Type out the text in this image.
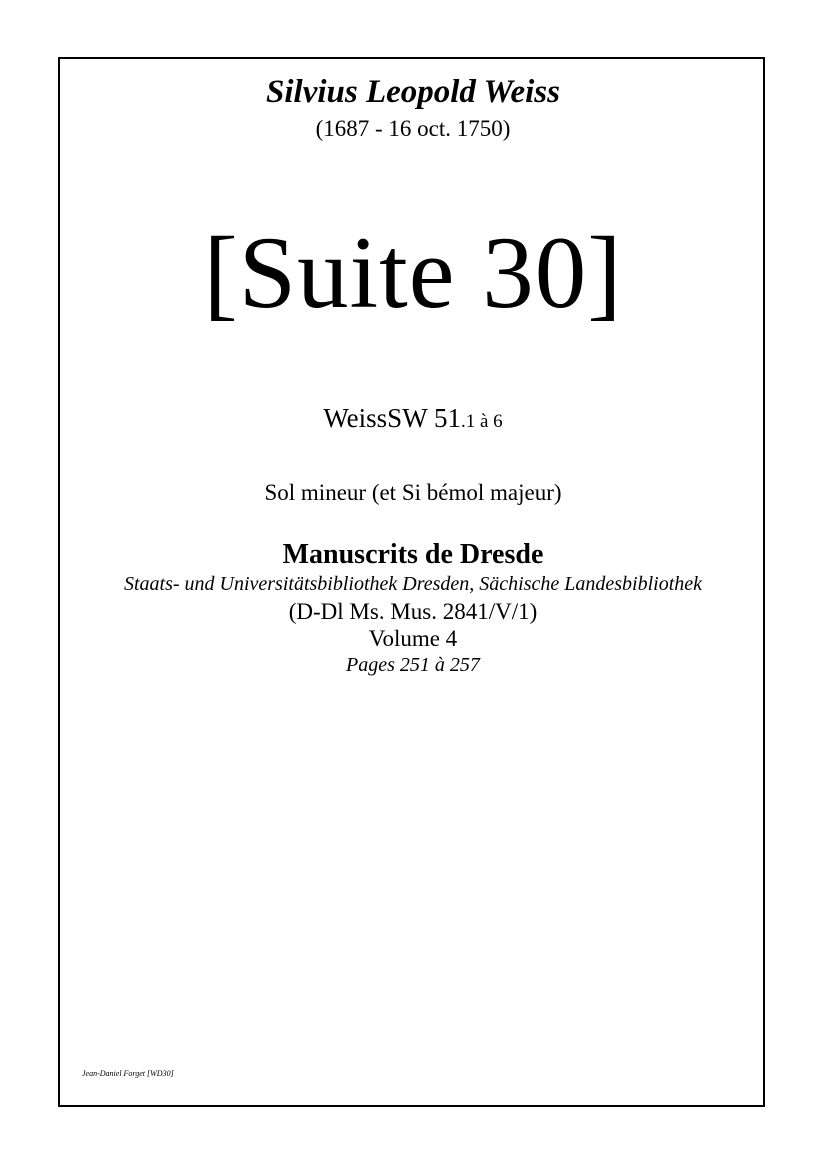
Silvius Leopold Weiss
(1687 - 16 oct. 1750)
[Suite 30]
WeissSW 51.1 à 6
Sol mineur (et Si bémol majeur)
Manuscrits de Dresde
Staats- und Universitätsbibliothek Dresden, Sächische Landesbibliothek
(D-Dl Ms. Mus. 2841/V/1)
Volume 4
Pages 251 à 257
Jean-Daniel Forget [WD30]
